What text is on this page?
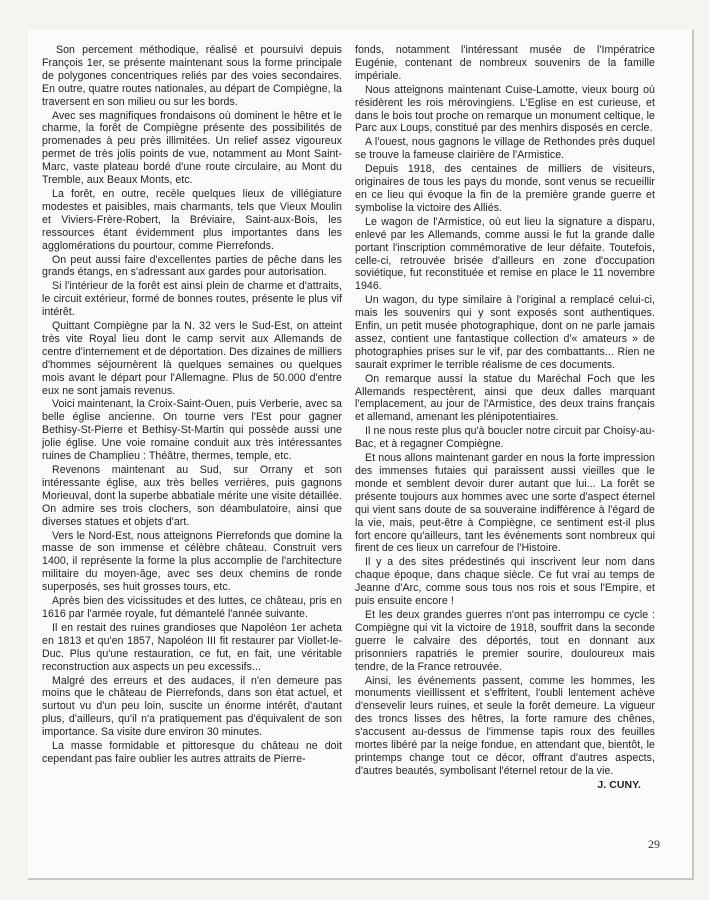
Son percement méthodique, réalisé et poursuivi depuis François 1er, se présente maintenant sous la forme principale de polygones concentriques reliés par des voies secondaires. En outre, quatre routes nationales, au départ de Compiègne, la traversent en son milieu ou sur les bords.

Avec ses magnifiques frondaisons où dominent le hêtre et le charme, la forêt de Compiègne présente des possibilités de promenades à peu près illimitées. Un relief assez vigoureux permet de très jolis points de vue, notamment au Mont Saint-Marc, vaste plateau bordé d'une route circulaire, au Mont du Tremble, aux Beaux Monts, etc.

La forêt, en outre, recèle quelques lieux de villégiature modestes et paisibles, mais charmants, tels que Vieux Moulin et Viviers-Frère-Robert, la Bréviaire, Saint-aux-Bois, les ressources étant évidemment plus importantes dans les agglomérations du pourtour, comme Pierrefonds.

On peut aussi faire d'excellentes parties de pêche dans les grands étangs, en s'adressant aux gardes pour autorisation.

Si l'intérieur de la forêt est ainsi plein de charme et d'attraits, le circuit extérieur, formé de bonnes routes, présente le plus vif intérêt.

Quittant Compiègne par la N. 32 vers le Sud-Est, on atteint très vite Royal lieu dont le camp servit aux Allemands de centre d'internement et de déportation. Des dizaines de milliers d'hommes séjournèrent là quelques semaines ou quelques mois avant le départ pour l'Allemagne. Plus de 50.000 d'entre eux ne sont jamais revenus.

Voici maintenant, la Croix-Saint-Ouen, puis Verberie, avec sa belle église ancienne. On tourne vers l'Est pour gagner Bethisy-St-Pierre et Bethisy-St-Martin qui possède aussi une jolie église. Une voie romaine conduit aux très intéressantes ruines de Champlieu : Théâtre, thermes, temple, etc.

Revenons maintenant au Sud, sur Orrany et son intéressante église, aux très belles verrières, puis gagnons Morieuval, dont la superbe abbatiale mérite une visite détaillée. On admire ses trois clochers, son déambulatoire, ainsi que diverses statues et objets d'art.

Vers le Nord-Est, nous atteignons Pierrefonds que domine la masse de son immense et célèbre château. Construit vers 1400, il représente la forme la plus accomplie de l'architecture militaire du moyen-âge, avec ses deux chemins de ronde superposés, ses huit grosses tours, etc.

Après bien des vicissitudes et des luttes, ce château, pris en 1616 par l'armée royale, fut démantelé l'année suivante.

Il en restait des ruines grandioses que Napoléon 1er acheta en 1813 et qu'en 1857, Napoléon III fit restaurer par Viollet-le-Duc. Plus qu'une restauration, ce fut, en fait, une véritable reconstruction aux aspects un peu excessifs...

Malgré des erreurs et des audaces, il n'en demeure pas moins que le château de Pierrefonds, dans son état actuel, et surtout vu d'un peu loin, suscite un énorme intérêt, d'autant plus, d'ailleurs, qu'il n'a pratiquement pas d'équivalent de son importance. Sa visite dure environ 30 minutes.

La masse formidable et pittoresque du château ne doit cependant pas faire oublier les autres attraits de Pierre-

fonds, notamment l'intéressant musée de l'Impératrice Eugénie, contenant de nombreux souvenirs de la famille impériale.

Nous atteignons maintenant Cuise-Lamotte, vieux bourg où résidèrent les rois mérovingiens. L'Eglise en est curieuse, et dans le bois tout proche on remarque un monument celtique, le Parc aux Loups, constitué par des menhirs disposés en cercle.

A l'ouest, nous gagnons le village de Rethondes près duquel se trouve la fameuse clairière de l'Armistice.

Depuis 1918, des centaines de milliers de visiteurs, originaires de tous les pays du monde, sont venus se recueillir en ce lieu qui évoque la fin de la première grande guerre et symbolise la victoire des Alliés.

Le wagon de l'Armistice, où eut lieu la signature a disparu, enlevé par les Allemands, comme aussi le fut la grande dalle portant l'inscription commémorative de leur défaite. Toutefois, celle-ci, retrouvée brisée d'ailleurs en zone d'occupation soviétique, fut reconstituée et remise en place le 11 novembre 1946.

Un wagon, du type similaire à l'original a remplacé celui-ci, mais les souvenirs qui y sont exposés sont authentiques. Enfin, un petit musée photographique, dont on ne parle jamais assez, contient une fantastique collection d'« amateurs » de photographies prises sur le vif, par des combattants... Rien ne saurait exprimer le terrible réalisme de ces documents.

On remarque aussi la statue du Maréchal Foch que les Allemands respectèrent, ainsi que deux dalles marquant l'emplacement, au jour de l'Armistice, des deux trains français et allemand, amenant les plénipotentiaires.

Il ne nous reste plus qu'à boucler notre circuit par Choisy-au-Bac, et à regagner Compiègne.

Et nous allons maintenant garder en nous la forte impression des immenses futaies qui paraissent aussi vieilles que le monde et semblent devoir durer autant que lui... La forêt se présente toujours aux hommes avec une sorte d'aspect éternel qui vient sans doute de sa souveraine indifférence à l'égard de la vie, mais, peut-être à Compiègne, ce sentiment est-il plus fort encore qu'ailleurs, tant les événements sont nombreux qui firent de ces lieux un carrefour de l'Histoire.

Il y a des sites prédestinés qui inscrivent leur nom dans chaque époque, dans chaque siècle. Ce fut vrai au temps de Jeanne d'Arc, comme sous tous nos rois et sous l'Empire, et puis ensuite encore !

Et les deux grandes guerres n'ont pas interrompu ce cycle : Compiègne qui vit la victoire de 1918, souffrit dans la seconde guerre le calvaire des déportés, tout en donnant aux prisonniers rapatriés le premier sourire, douloureux mais tendre, de la France retrouvée.

Ainsi, les événements passent, comme les hommes, les monuments vieillissent et s'effritent, l'oubli lentement achève d'ensevelir leurs ruines, et seule la forêt demeure. La vigueur des troncs lisses des hêtres, la forte ramure des chênes, s'accusent au-dessus de l'immense tapis roux des feuilles mortes libéré par la neige fondue, en attendant que, bientôt, le printemps change tout ce décor, offrant d'autres aspects, d'autres beautés, symbolisant l'éternel retour de la vie.

J. CUNY.

29
